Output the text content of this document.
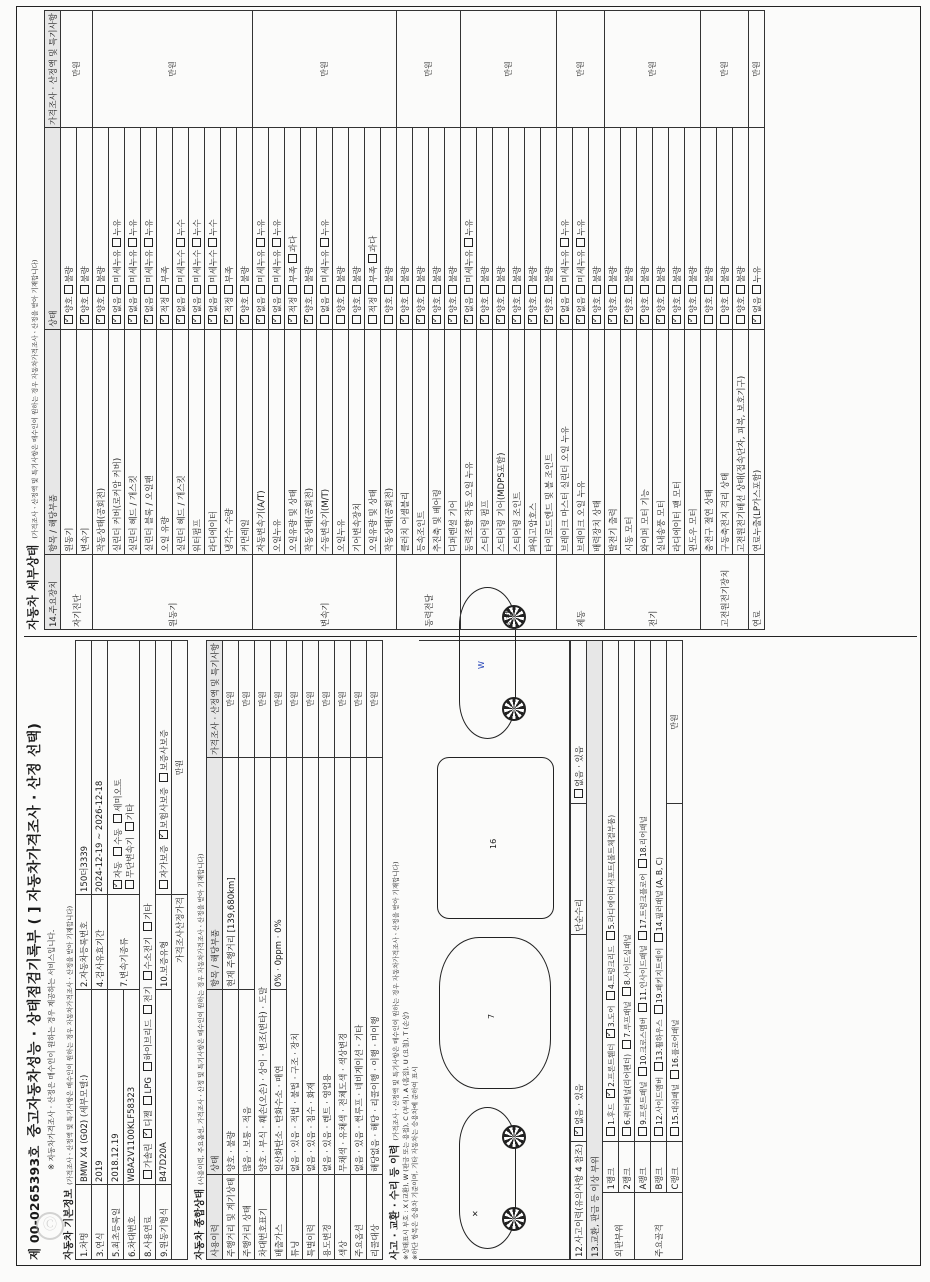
제 00-0265393호
중고자동차성능 · 상태점검기록부 ( ] 자동차가격조사 · 산정 선택) ※ 자동차가격조사 · 산정은 매수인이 원하는 경우 제공하는 서비스입니다.
자동차 기본정보
(가격조사ㆍ산정액 및 특기사항은 매수인이 원하는 경우 자동차가격조사ㆍ산정을 받아 기재합니다)
1.차명	BMW X4 (G02) (세부모델:)	2.자동차등록번호	150더3339
3.연식	2019	4.검사유효기간	2024-12-19 ~ 2026-12-18
5.최초등록일	2018.12.19	7.변속기종류	✓자동 수동 세미오토
무단변속기 기타
6.차대번호	WBA2V1100KLF58323		
8.사용연료	가솔린 ✓디젤 LPG 하이브리드 전기 수소전기 기타
9.원동기형식	B47D20A	10.보증유형	자가보증 ✓보험사보증 보증사보증
가격조사산정가격			만원
자동차 종합상태
(사용이력, 주요옵션, 가격조사ㆍ산정 및 특기사항은 매수인이 원하는 경우 자동차가격조사ㆍ산정을 받아 기재합니다)
사용이력	상태	항목 / 해당부품	가격조사 · 산정액 및 특기사항
주행거리 및 계기상태	양호 · 불량	현재 주행거리 [139,680km]	만원
주행거리 상태	많음 · 보통 · 적음		만원
차대번호표기	양호 · 부식 · 훼손(오손) · 상이 · 변조(변타) · 도말		만원
배출가스	일산화탄소 · 탄화수소 · 매연	0% · 0ppm · 0%	만원
튜닝	없음 · 있음 · 적법 · 불법 · 구조 · 장치		만원
특별이력	없음 · 있음 · 침수 · 화재		만원
용도변경	없음 · 있음 · 렌트 · 영업용		만원
색상	무채색 · 유채색 · 전체도색 · 색상변경		만원
주요옵션	없음 · 있음 · 썬루프 · 네비게이션 · 기타		만원
리콜대상	해당없음 · 해당 · 리콜이행 · 이행 · 미이행		만원
사고 · 교환 · 수리 등 이력
(가격조사ㆍ산정액 및 특기사항은 매수인이 원하는 경우 자동차가격조사ㆍ산정을 받아 기재합니다) ※상태표시 부호 : X (교환), W (판금 또는 용접), C (부식), A (흠집), U (요철), T (손상) ※하단 항목은 승용차 기준이며, 기타 자동차는 승용차에 준하여 표시	✕
7
16
W
12.사고이력(유의사항 4 참조)	✓없음 · 있음	단순수리	없음 · 있음
13.교환, 판금 등 이상 부위				
외판부위	1랭크	1.후드 ✓2.프론트휀더 ✓3.도어 4.트렁크리드 5.라디에이터서포트(볼트체결부품)
	2랭크	6.쿼터패널(리어펜더) 7.루프패널 8.사이드실패널		
주요골격	A랭크	9.프론트패널 10.크로스멤버 11.인사이드패널 17.트렁크플로어 18.리어패널		
	B랭크	12.사이드멤버 13.휠하우스 19.패키지트레이 14.필러패널 (A, B, C)		
	C랭크	15.대쉬패널 16.플로어패널		만원
자동차 세부상태
(가격조사ㆍ산정액 및 특기사항은 매수인이 원하는 경우 자동차가격조사ㆍ산정을 받아 기재합니다)
14.주요장치	항목 / 해당부품	상태	가격조사 · 산정액 및 특기사항
자기진단	원동기	✓양호불량	만원
	변속기	✓양호불량
원동기	작동상태(공회전)	✓양호불량	만원
	실린더 커버(로커암 커버)	✓없음미세누유누유
	실린더 헤드 / 개스킷	✓없음미세누유누유
	실린더 블록 / 오일팬	✓없음미세누유누유
	오일 유량	✓적정부족
	실린더 헤드 / 개스킷	✓없음미세누수누수
	워터펌프	✓없음미세누수누수
	라디에이터	✓없음미세누수누수
	냉각수 수량	✓적정부족
	커먼레일	✓양호불량
변속기	자동변속기(A/T)	✓없음미세누유누유	만원
	오일누유	✓없음미세누유누유
	오일유량 및 상태	✓적정부족과다
	작동상태(공회전)	✓양호불량
	수동변속기(M/T)	없음미세누유누유	
	오일누유	양호불량	
	기어변속장치	양호불량	
	오일유량 및 상태	적정부족과다	
	작동상태(공회전)	양호불량	
동력전달	클러치 어셈블리	✓양호불량	만원
	등속조인트	✓양호불량
	추진축 및 베어링	✓양호불량
	디퍼렌셜 기어	✓양호불량
조향	동력조향 작동 오일 누유	✓없음미세누유누유	만원
	스티어링 펌프	✓양호불량
	스티어링 기어(MDPS포함)	✓양호불량
	스티어링 조인트	✓양호불량
	파워고압호스	✓양호불량
	타이로드엔드 및 볼 조인트	✓양호불량
제동	브레이크 마스터 실린더 오일 누유	✓없음미세누유누유	만원
	브레이크 오일 누유	✓없음미세누유누유
	배력장치 상태	✓양호불량
전기	발전기 출력	✓양호불량	만원
	시동 모터	✓양호불량
	와이퍼 모터 기능	✓양호불량
	실내송풍 모터	✓양호불량
	라디에이터 팬 모터	✓양호불량
	윈도우 모터	✓양호불량
고전원전기장치	충전구 절연 상태	양호불량	만원
	구동축전지 격리 상태	양호불량	
	고전원전기배선 상태(접속단자, 피복, 보호기구)	양호불량	
연료	연료누출(LP가스포함)	✓없음누유	만원
Ⓒ
